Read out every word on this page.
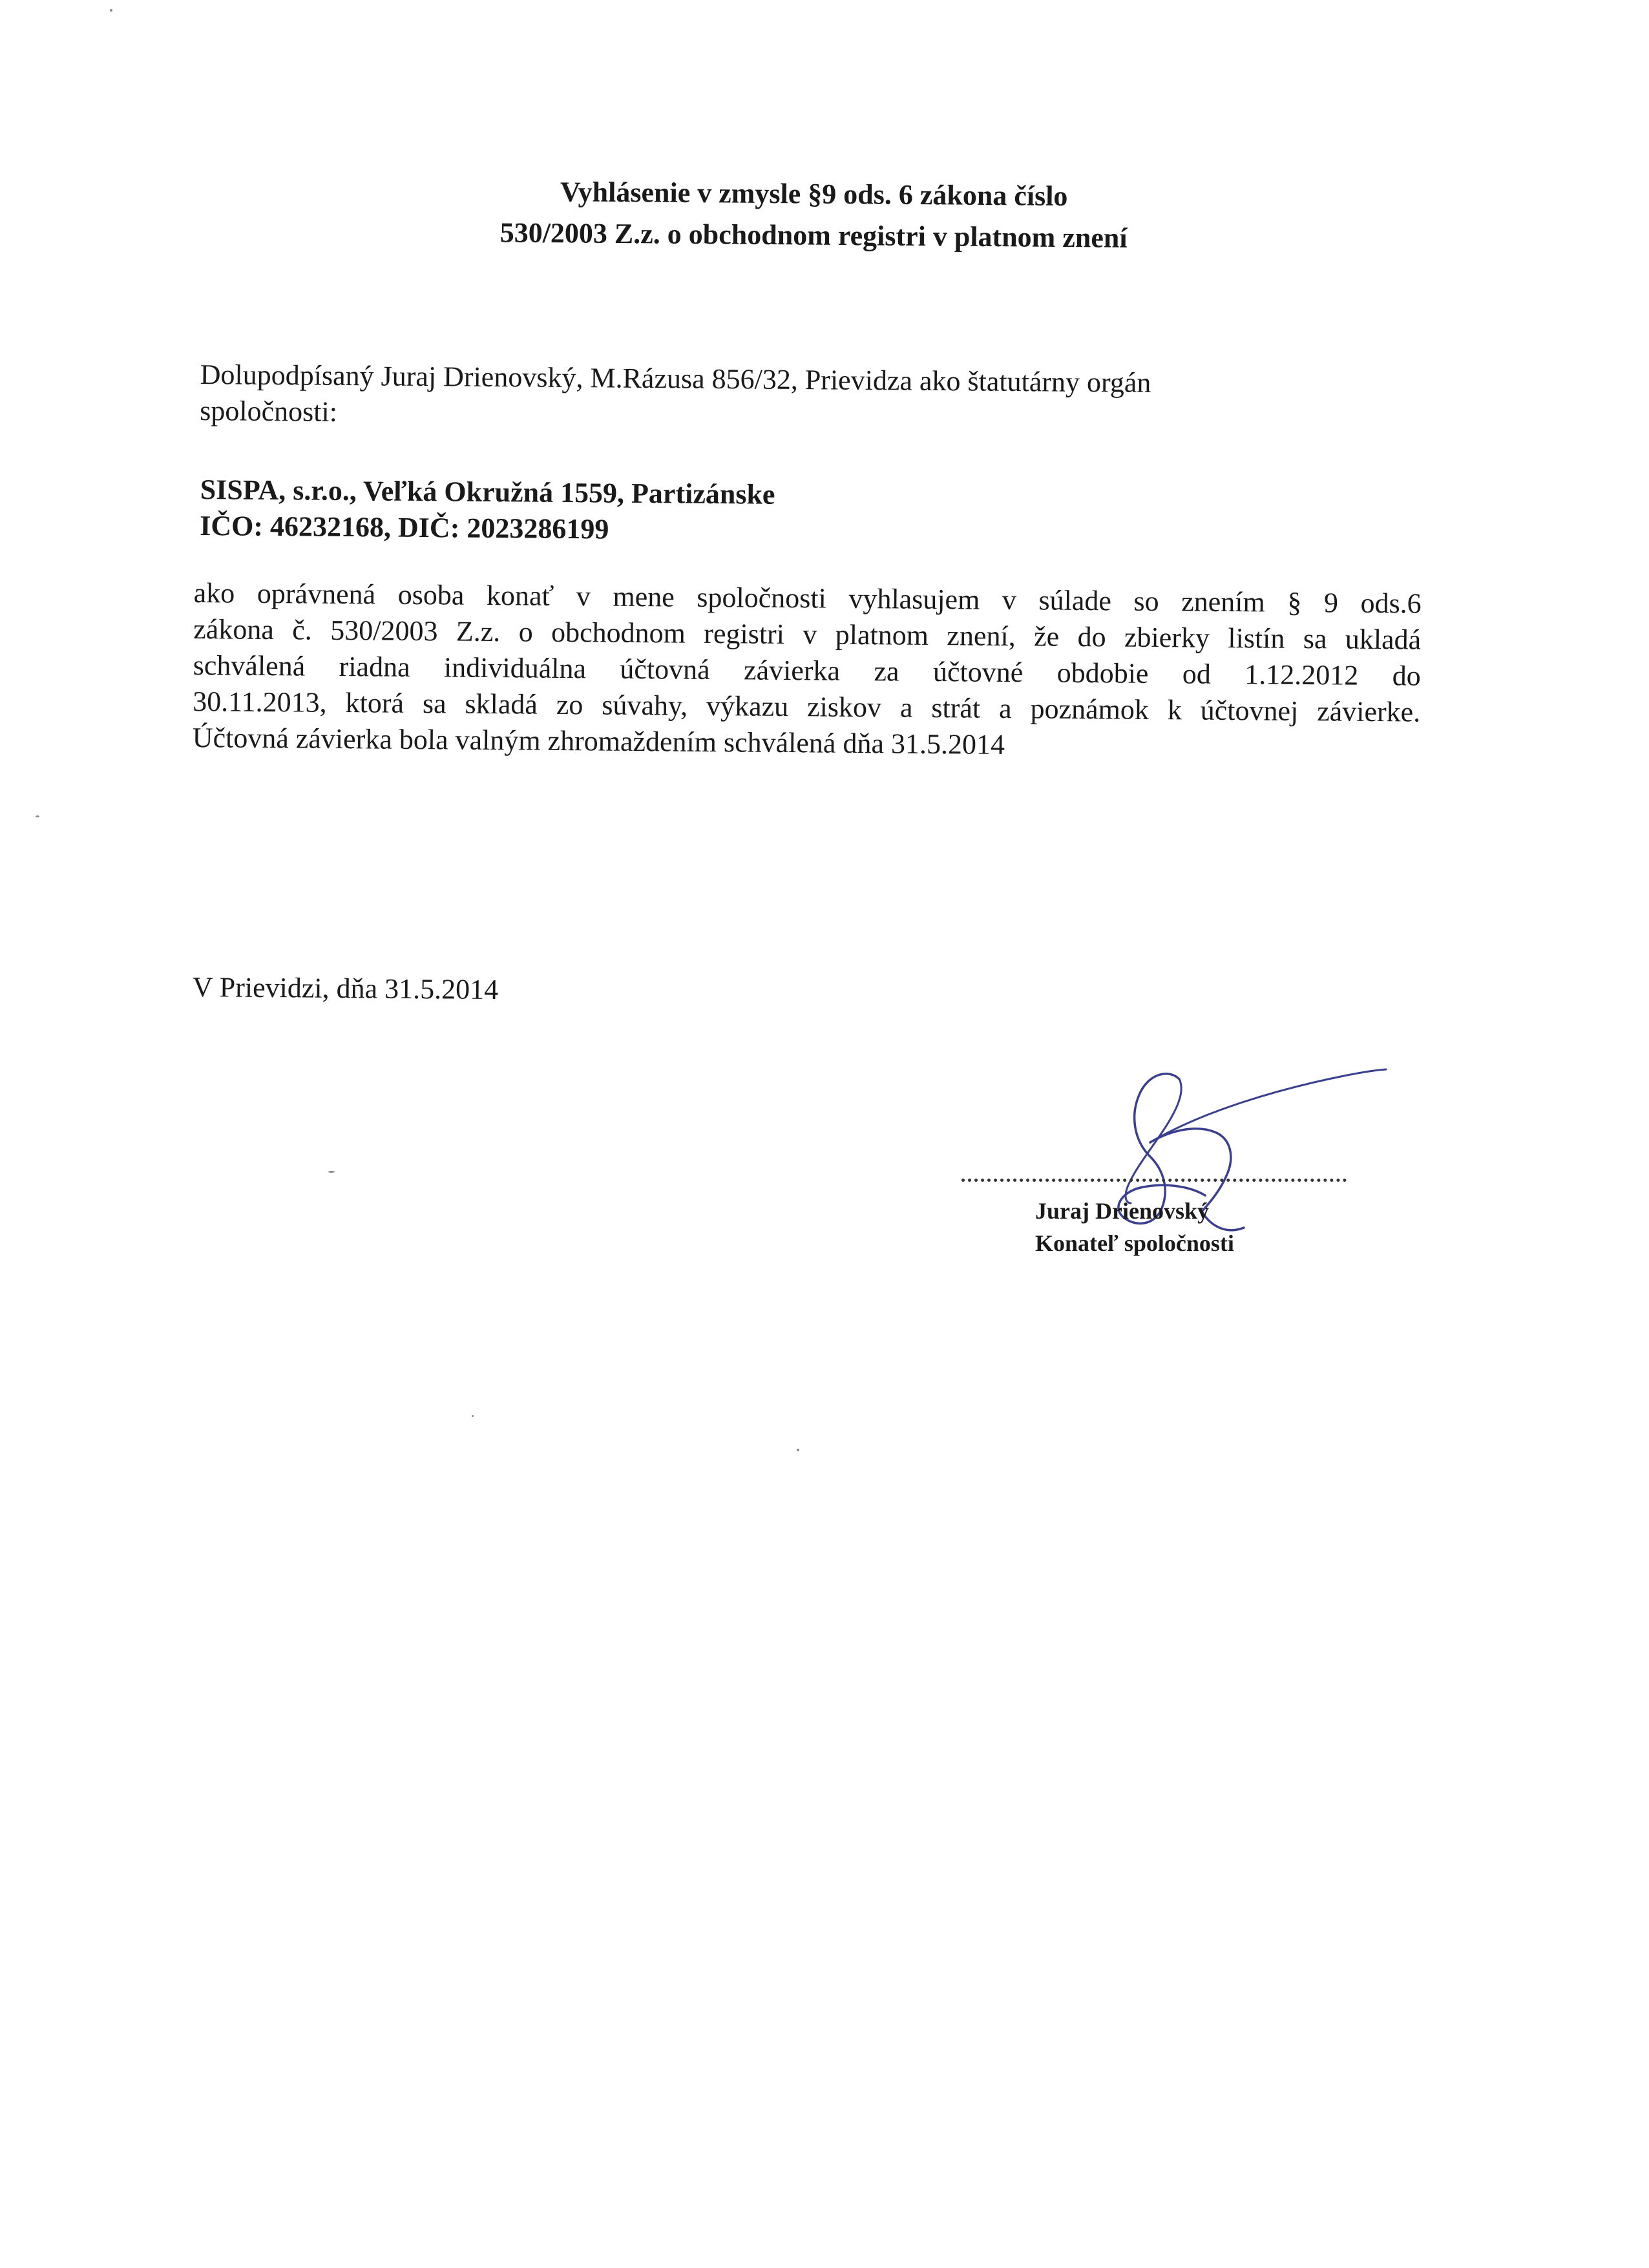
Vyhlásenie v zmysle §9 ods. 6 zákona číslo
530/2003 Z.z. o obchodnom registri v platnom znení
Dolupodpísaný Juraj Drienovský, M.Rázusa 856/32, Prievidza ako štatutárny orgán
spoločnosti:
SISPA, s.r.o., Veľká Okružná 1559, Partizánske
IČO: 46232168, DIČ: 2023286199
ako oprávnená osoba konať v mene spoločnosti vyhlasujem v súlade so znením § 9 ods.6
zákona č. 530/2003 Z.z. o obchodnom registri v platnom znení, že do zbierky listín sa ukladá
schválená riadna individuálna účtovná závierka za účtovné obdobie od 1.12.2012 do
30.11.2013, ktorá sa skladá zo súvahy, výkazu ziskov a strát a poznámok k účtovnej závierke.
Účtovná závierka bola valným zhromaždením schválená dňa 31.5.2014
V Prievidzi, dňa 31.5.2014
Juraj Drienovský
Konateľ spoločnosti
